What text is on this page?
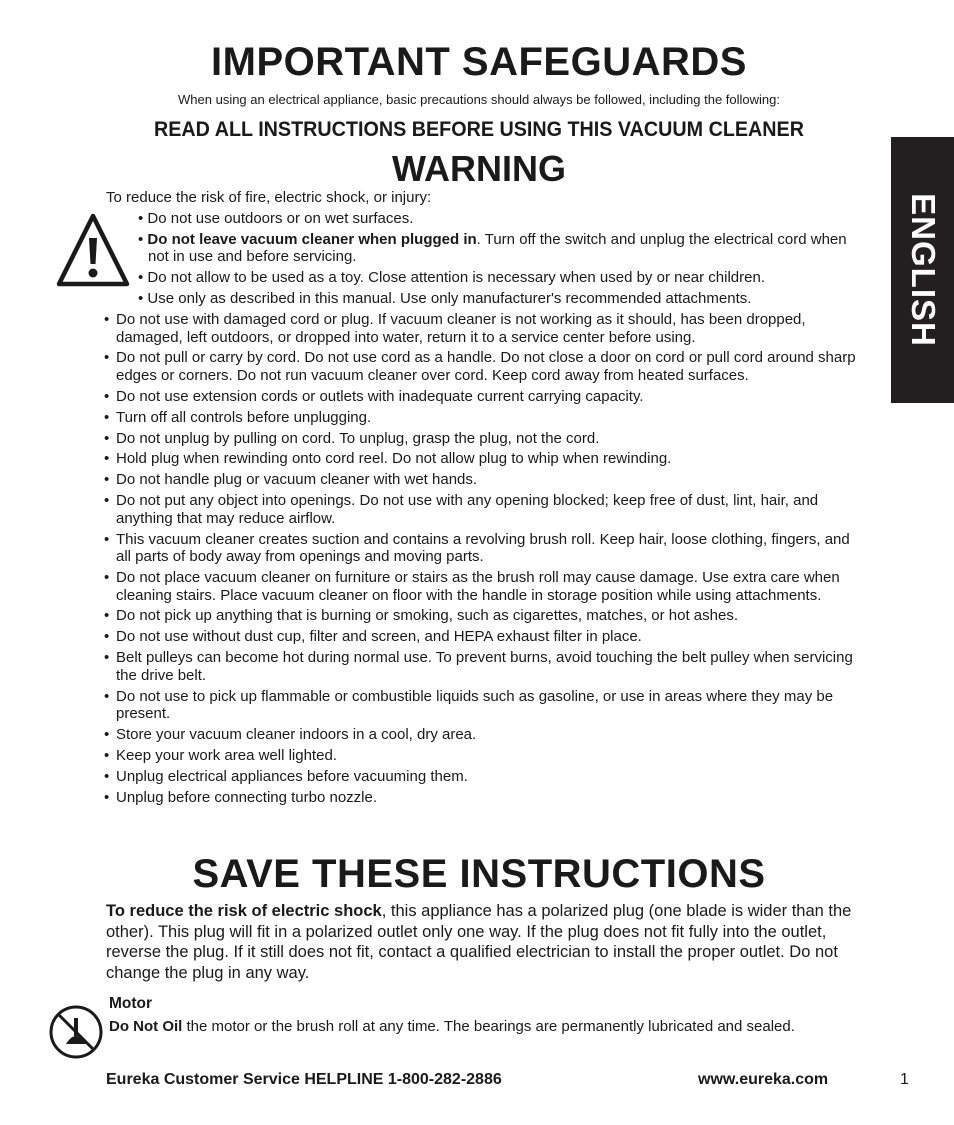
IMPORTANT SAFEGUARDS
When using an electrical appliance, basic precautions should always be followed, including the following:
READ ALL INSTRUCTIONS BEFORE USING THIS VACUUM CLEANER
WARNING
To reduce the risk of fire, electric shock, or injury:
• Do not use outdoors or on wet surfaces.
• Do not leave vacuum cleaner when plugged in. Turn off the switch and unplug the electrical cord when not in use and before servicing.
• Do not allow to be used as a toy. Close attention is necessary when used by or near children.
• Use only as described in this manual. Use only manufacturer's recommended attachments.
• Do not use with damaged cord or plug. If vacuum cleaner is not working as it should, has been dropped, damaged, left outdoors, or dropped into water, return it to a service center before using.
• Do not pull or carry by cord. Do not use cord as a handle. Do not close a door on cord or pull cord around sharp edges or corners. Do not run vacuum cleaner over cord. Keep cord away from heated surfaces.
• Do not use extension cords or outlets with inadequate current carrying capacity.
• Turn off all controls before unplugging.
• Do not unplug by pulling on cord. To unplug, grasp the plug, not the cord.
• Hold plug when rewinding onto cord reel. Do not allow plug to whip when rewinding.
• Do not handle plug or vacuum cleaner with wet hands.
• Do not put any object into openings. Do not use with any opening blocked; keep free of dust, lint, hair, and anything that may reduce airflow.
• This vacuum cleaner creates suction and contains a revolving brush roll. Keep hair, loose clothing, fingers, and all parts of body away from openings and moving parts.
• Do not place vacuum cleaner on furniture or stairs as the brush roll may cause damage. Use extra care when cleaning stairs. Place vacuum cleaner on floor with the handle in storage position while using attachments.
• Do not pick up anything that is burning or smoking, such as cigarettes, matches, or hot ashes.
• Do not use without dust cup, filter and screen, and HEPA exhaust filter in place.
• Belt pulleys can become hot during normal use. To prevent burns, avoid touching the belt pulley when servicing the drive belt.
• Do not use to pick up flammable or combustible liquids such as gasoline, or use in areas where they may be present.
• Store your vacuum cleaner indoors in a cool, dry area.
• Keep your work area well lighted.
• Unplug electrical appliances before vacuuming them.
• Unplug before connecting turbo nozzle.
SAVE THESE INSTRUCTIONS
To reduce the risk of electric shock, this appliance has a polarized plug (one blade is wider than the other). This plug will fit in a polarized outlet only one way. If the plug does not fit fully into the outlet, reverse the plug. If it still does not fit, contact a qualified electrician to install the proper outlet. Do not change the plug in any way.
Motor
Do Not Oil the motor or the brush roll at any time. The bearings are permanently lubricated and sealed.
Eureka Customer Service HELPLINE 1-800-282-2886	www.eureka.com	1
ENGLISH
